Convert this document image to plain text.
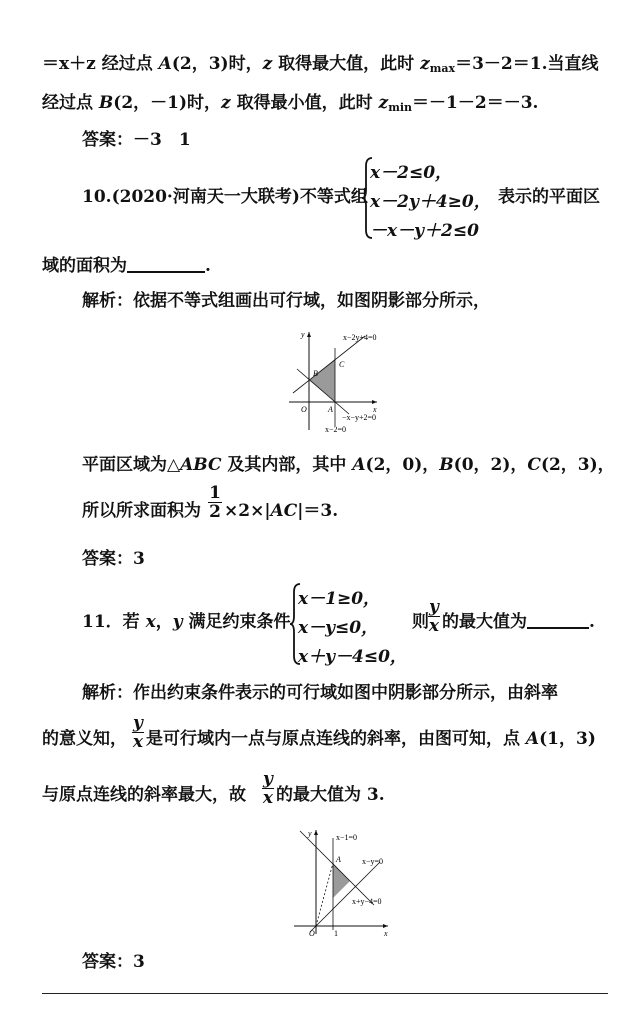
＝x＋z 经过点 A(2，3)时，z 取得最大值，此时 $z_{max}=3-2=1$.当直线
经过点 B(2，－1)时，z 取得最小值，此时 $z_{min}=-1-2=-3$.
答案：－3　1
10.(2020·河南天一大联考)不等式组
x－2≤0，
x－2y＋4≥0，
－x－y＋2≤0
表示的平面区
域的面积为	.
解析：依据不等式组画出可行域，如图阴影部分所示，
x−2y+4=0
−x−y+2=0
x−2=0
O	x
y
A
B
C
平面区域为△ABC 及其内部，其中 A(2，0)，B(0，2)，C(2，3)，
所以所求面积为
1
2 ×2×|AC|＝3.
答案：3
11．若 x，y 满足约束条件
x－1≥0，
x－y≤0，
x＋y－4≤0，
则
y
x 的最大值为	.
解析：作出约束条件表示的可行域如图中阴影部分所示，由斜率
的意义知，
y
x 是可行域内一点与原点连线的斜率，由图可知，点 A(1，3)
与原点连线的斜率最大，故
y
x 的最大值为 3.
x−1=0
x−y=0
x+y−4=0
A
O 1	x
y
答案：3
